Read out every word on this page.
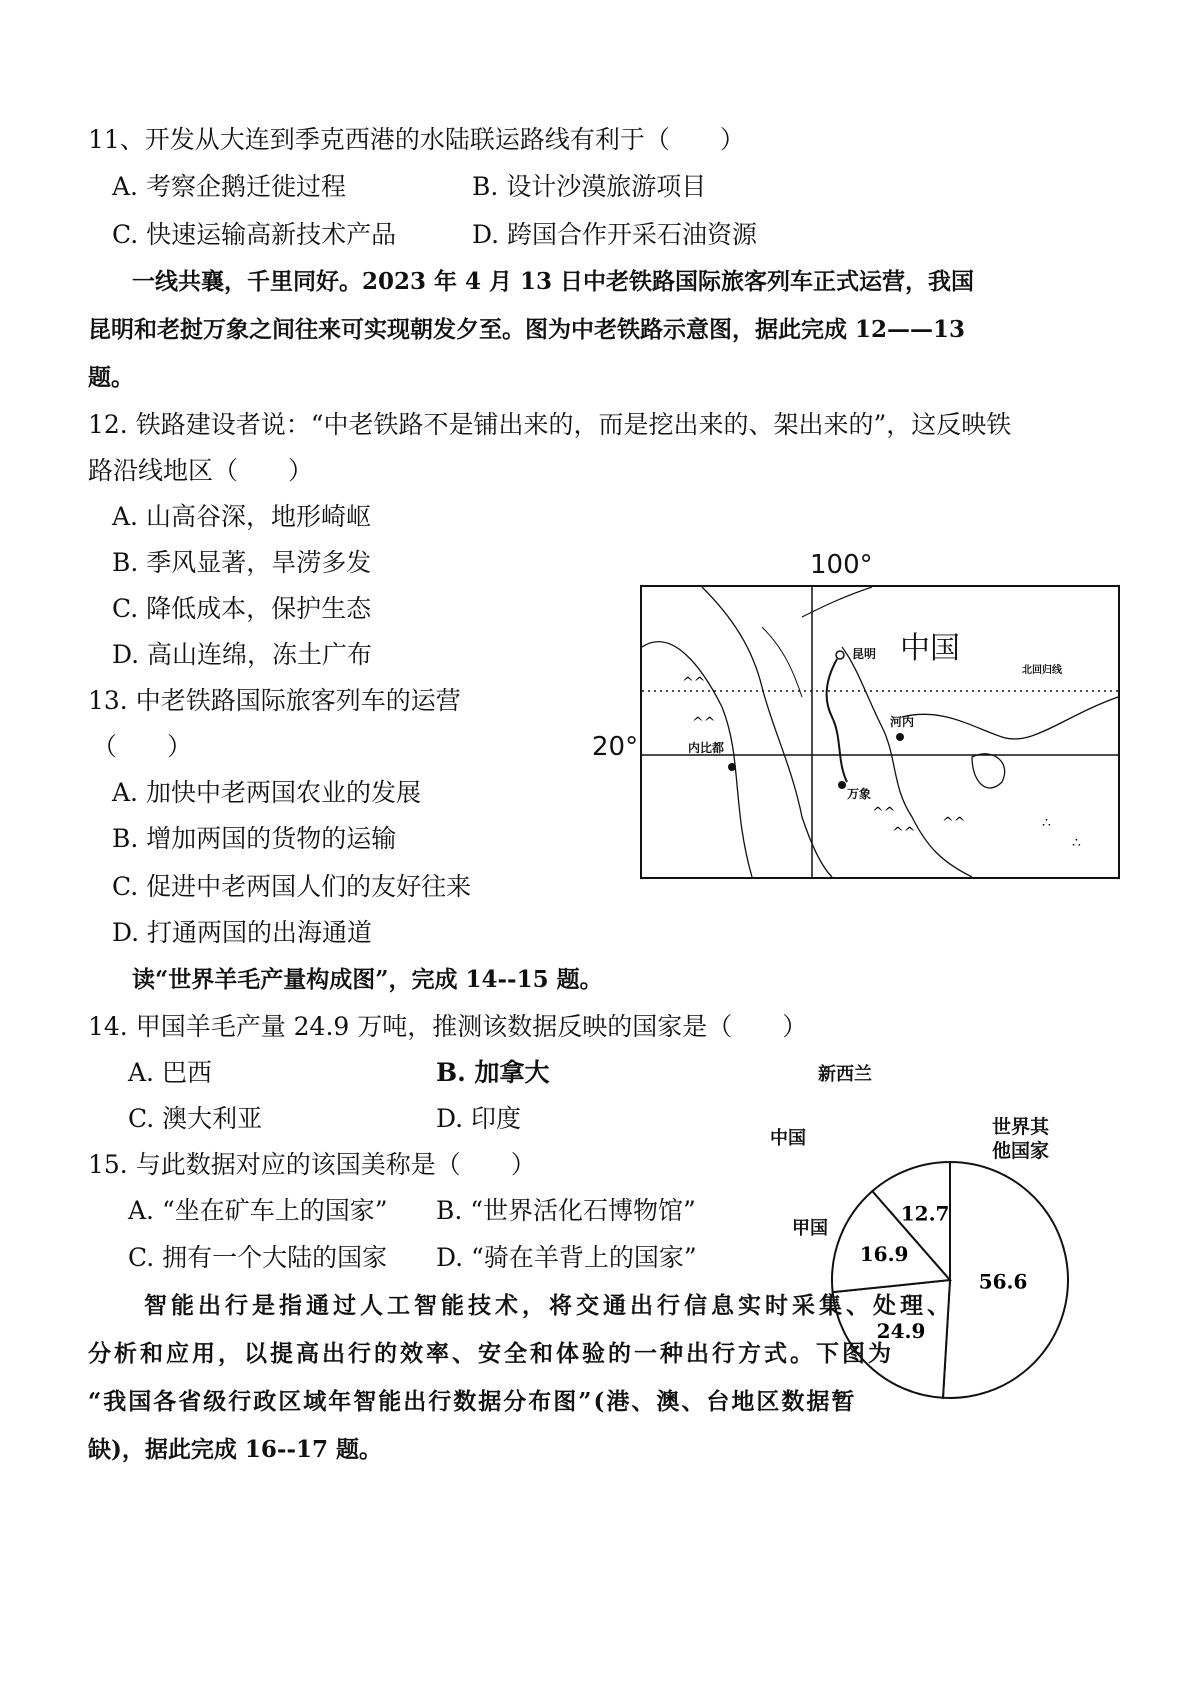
11、开发从大连到季克西港的水陆联运路线有利于（　　）
A. 考察企鹅迁徙过程	B. 设计沙漠旅游项目
C. 快速运输高新技术产品	D. 跨国合作开采石油资源
一线共襄，千里同好。2023 年 4 月 13 日中老铁路国际旅客列车正式运营，我国
昆明和老挝万象之间往来可实现朝发夕至。图为中老铁路示意图，据此完成 12——13
题。
12. 铁路建设者说：“中老铁路不是铺出来的，而是挖出来的、架出来的”，这反映铁
路沿线地区（　　）
A. 山高谷深，地形崎岖
B. 季风显著，旱涝多发
C. 降低成本，保护生态
D. 高山连绵，冻土广布
13. 中老铁路国际旅客列车的运营
（　　）
A. 加快中老两国农业的发展
B. 增加两国的货物的运输
C. 促进中老两国人们的友好往来
D. 打通两国的出海通道
100°
20°
^^
^^
^^
^^
^^	∴
∴
中国
昆明
北回归线
河内
内比都
万象
读“世界羊毛产量构成图”，完成 14--15 题。
14. 甲国羊毛产量 24.9 万吨，推测该数据反映的国家是（　　）
A. 巴西	B. 加拿大
C. 澳大利亚	D. 印度
15. 与此数据对应的该国美称是（　　）
A. “坐在矿车上的国家” B. “世界活化石博物馆”
C. 拥有一个大陆的国家 D. “骑在羊背上的国家”
56.6
24.9
16.9
12.7
新西兰
中国
甲国
世界其
他国家
智能出行是指通过人工智能技术，将交通出行信息实时采集、处理、
分析和应用，以提高出行的效率、安全和体验的一种出行方式。下图为
“我国各省级行政区域年智能出行数据分布图”(港、澳、台地区数据暂
缺)，据此完成 16--17 题。
